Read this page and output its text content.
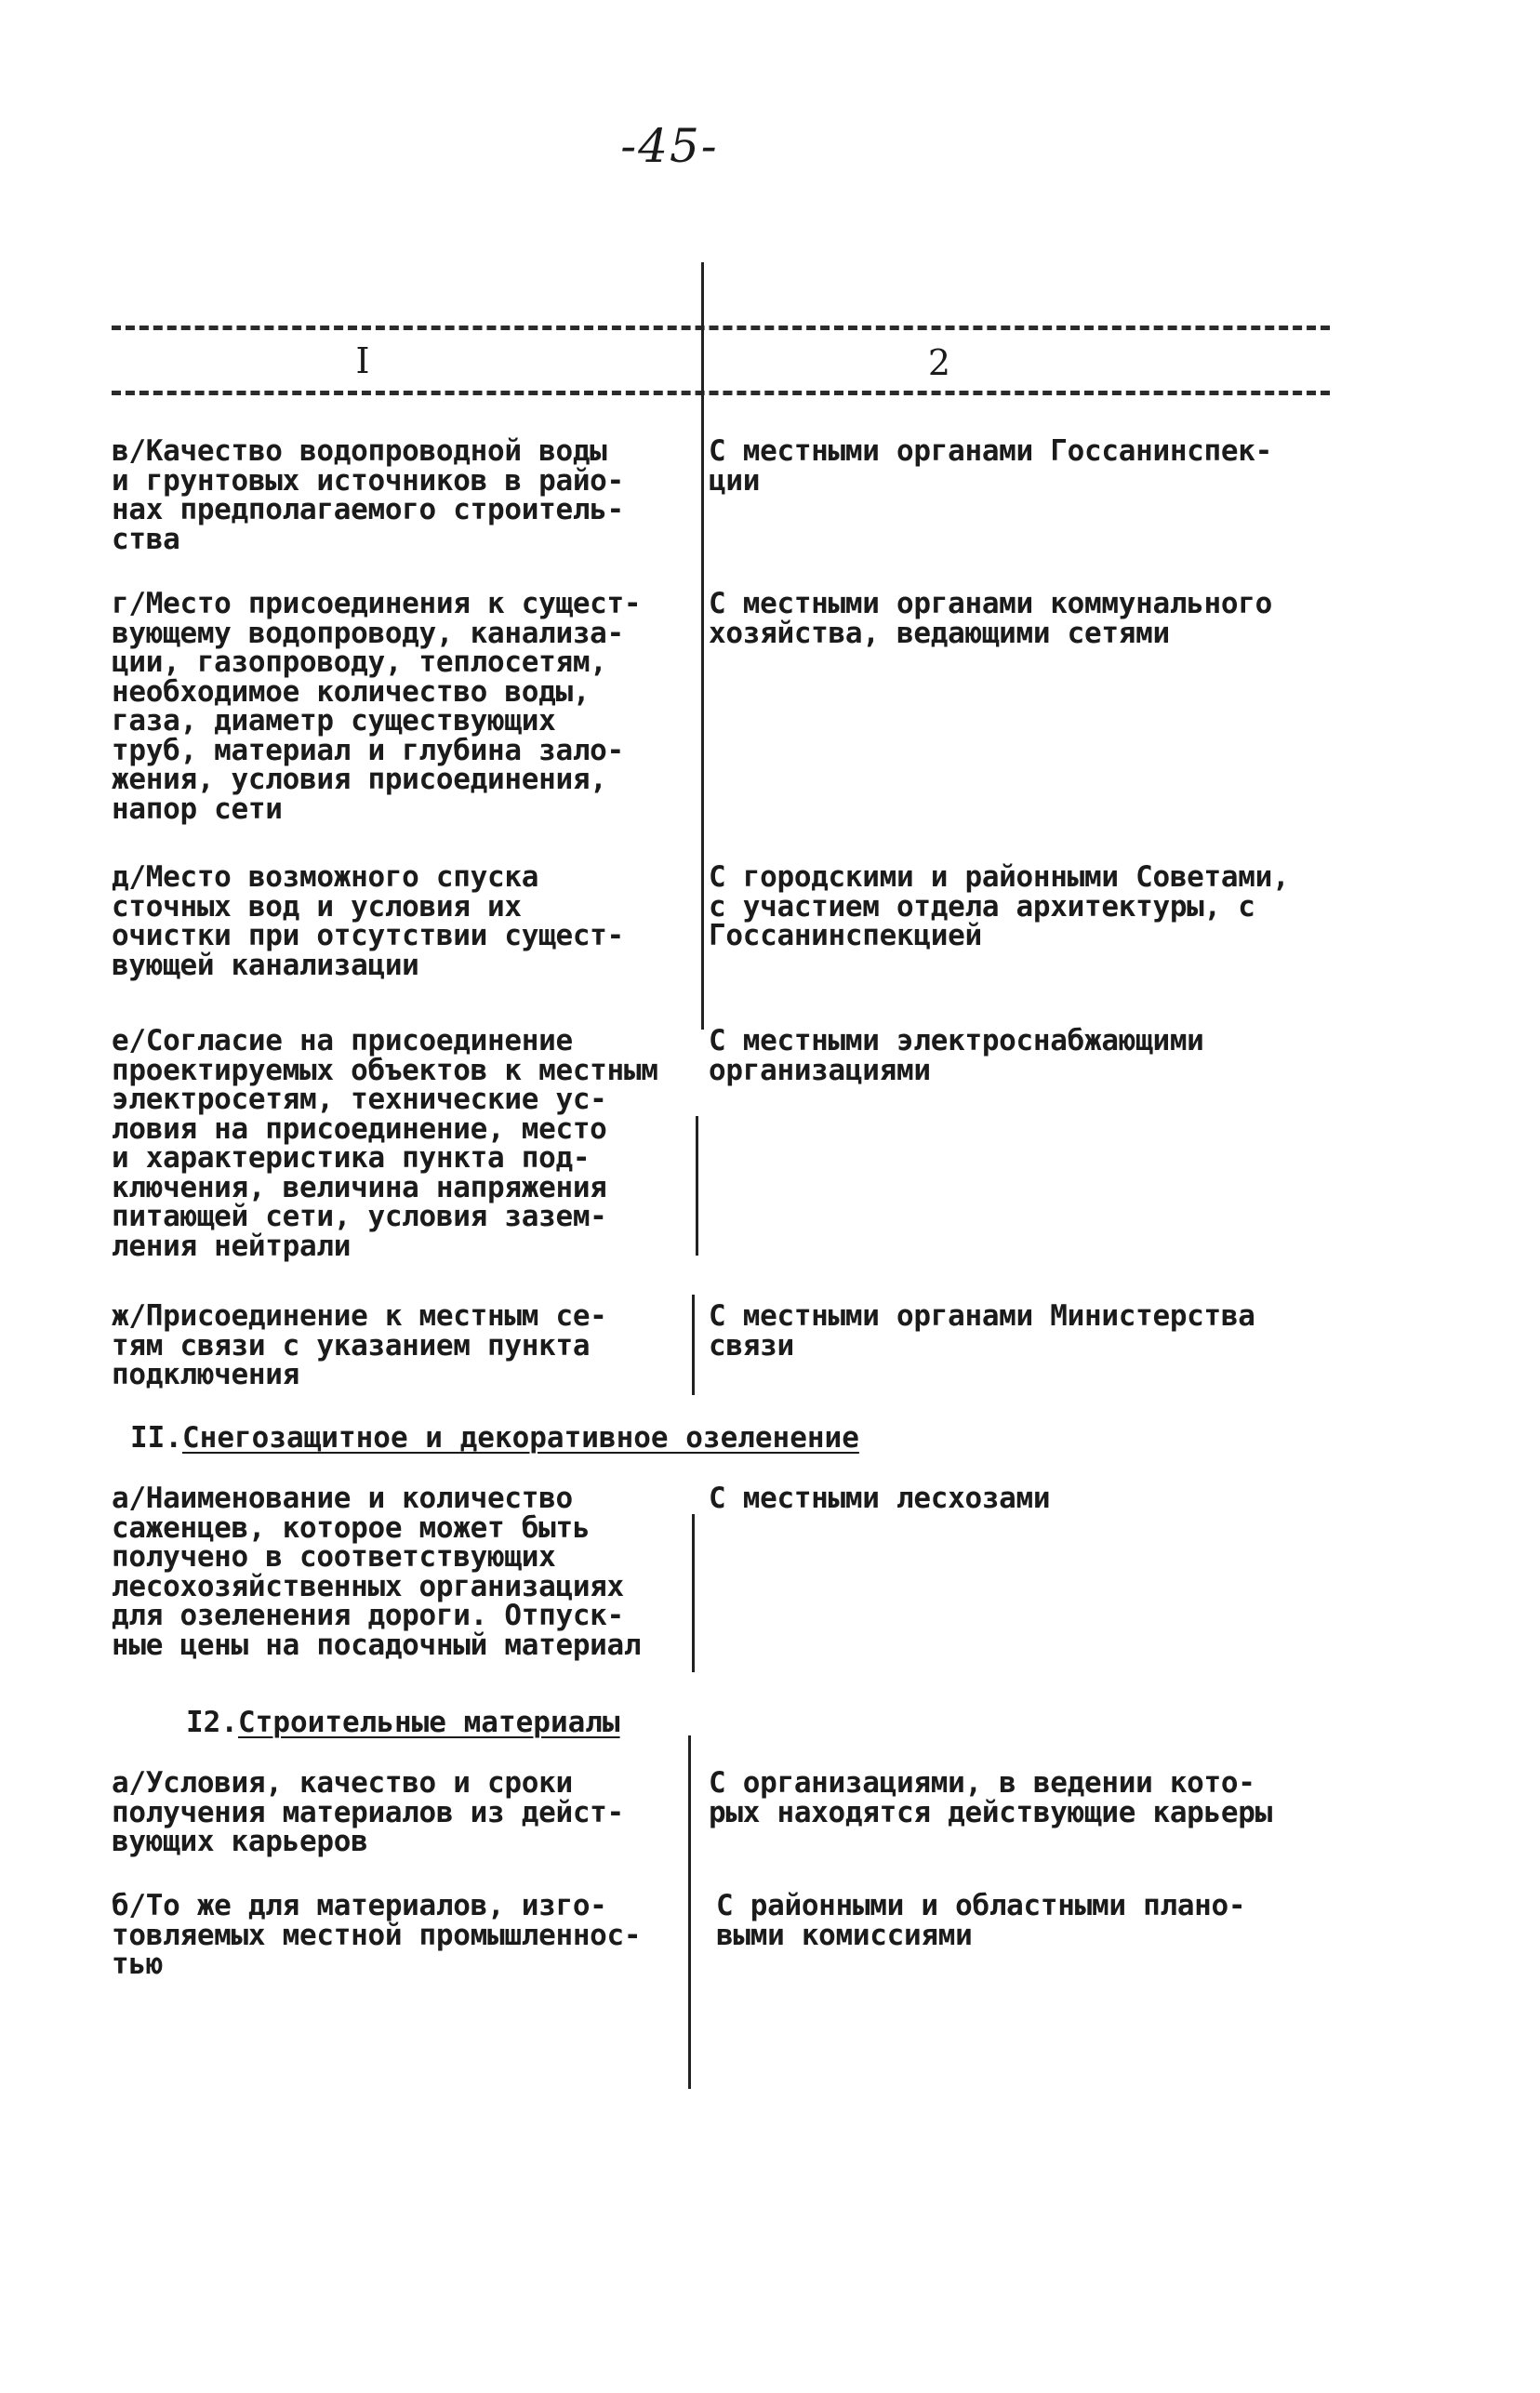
-45-
I	2
в/Качество водопроводной воды
и грунтовых источников в райо-
нах предполагаемого строитель-
ства
С местными органами Госсанинспек-
ции
г/Место присоединения к сущест-
вующему водопроводу, канализа-
ции, газопроводу, теплосетям,
необходимое количество воды,
газа, диаметр существующих
труб, материал и глубина зало-
жения, условия присоединения,
напор сети
С местными органами коммунального
хозяйства, ведающими сетями
д/Место возможного спуска
сточных вод и условия их
очистки при отсутствии сущест-
вующей канализации
С городскими и районными Советами,
с участием отдела архитектуры, с
Госсанинспекцией
е/Согласие на присоединение
проектируемых объектов к местным
электросетям, технические ус-
ловия на присоединение, место
и характеристика пункта под-
ключения, величина напряжения
питающей сети, условия зазем-
ления нейтрали
С местными электроснабжающими
организациями
ж/Присоединение к местным се-
тям связи с указанием пункта
подключения
С местными органами Министерства
связи
II.Снегозащитное и декоративное озеленение
а/Наименование и количество
саженцев, которое может быть
получено в соответствующих
лесохозяйственных организациях
для озеленения дороги. Отпуск-
ные цены на посадочный материал
С местными лесхозами
I2.Строительные материалы
а/Условия, качество и сроки
получения материалов из дейст-
вующих карьеров
С организациями, в ведении кото-
рых находятся действующие карьеры
б/То же для материалов, изго-
товляемых местной промышленнос-
тью
С районными и областными плано-
выми комиссиями
